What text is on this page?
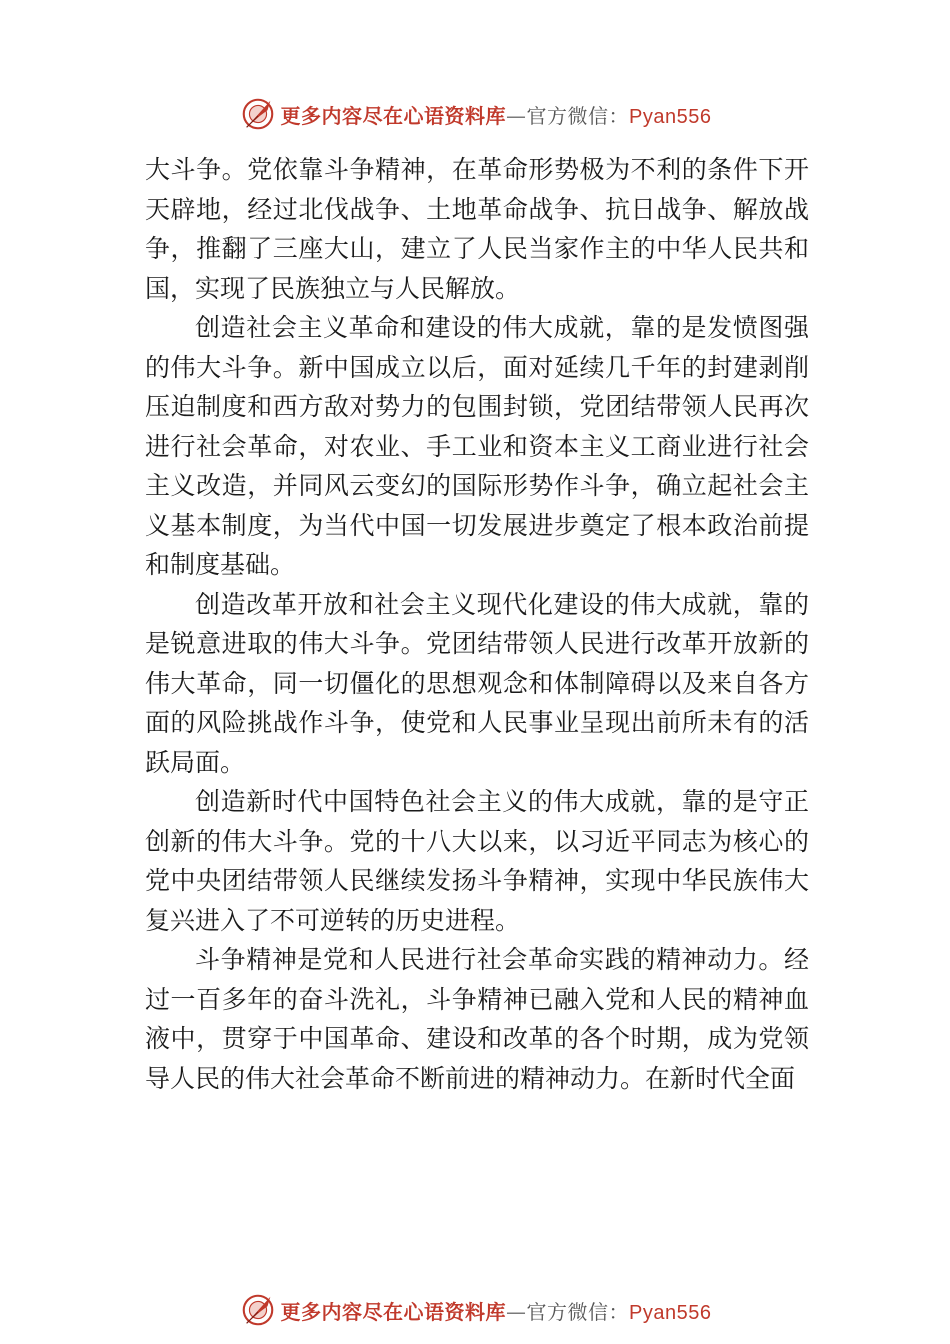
更多内容尽在心语资料库—官方微信：Pyan556

大斗争。党依靠斗争精神，在革命形势极为不利的条件下开天辟地，经过北伐战争、土地革命战争、抗日战争、解放战争，推翻了三座大山，建立了人民当家作主的中华人民共和国，实现了民族独立与人民解放。

创造社会主义革命和建设的伟大成就，靠的是发愤图强的伟大斗争。新中国成立以后，面对延续几千年的封建剥削压迫制度和西方敌对势力的包围封锁，党团结带领人民再次进行社会革命，对农业、手工业和资本主义工商业进行社会主义改造，并同风云变幻的国际形势作斗争，确立起社会主义基本制度，为当代中国一切发展进步奠定了根本政治前提和制度基础。

创造改革开放和社会主义现代化建设的伟大成就，靠的是锐意进取的伟大斗争。党团结带领人民进行改革开放新的伟大革命，同一切僵化的思想观念和体制障碍以及来自各方面的风险挑战作斗争，使党和人民事业呈现出前所未有的活跃局面。

创造新时代中国特色社会主义的伟大成就，靠的是守正创新的伟大斗争。党的十八大以来，以习近平同志为核心的党中央团结带领人民继续发扬斗争精神，实现中华民族伟大复兴进入了不可逆转的历史进程。

斗争精神是党和人民进行社会革命实践的精神动力。经过一百多年的奋斗洗礼，斗争精神已融入党和人民的精神血液中，贯穿于中国革命、建设和改革的各个时期，成为党领导人民的伟大社会革命不断前进的精神动力。在新时代全面

更多内容尽在心语资料库—官方微信：Pyan556
